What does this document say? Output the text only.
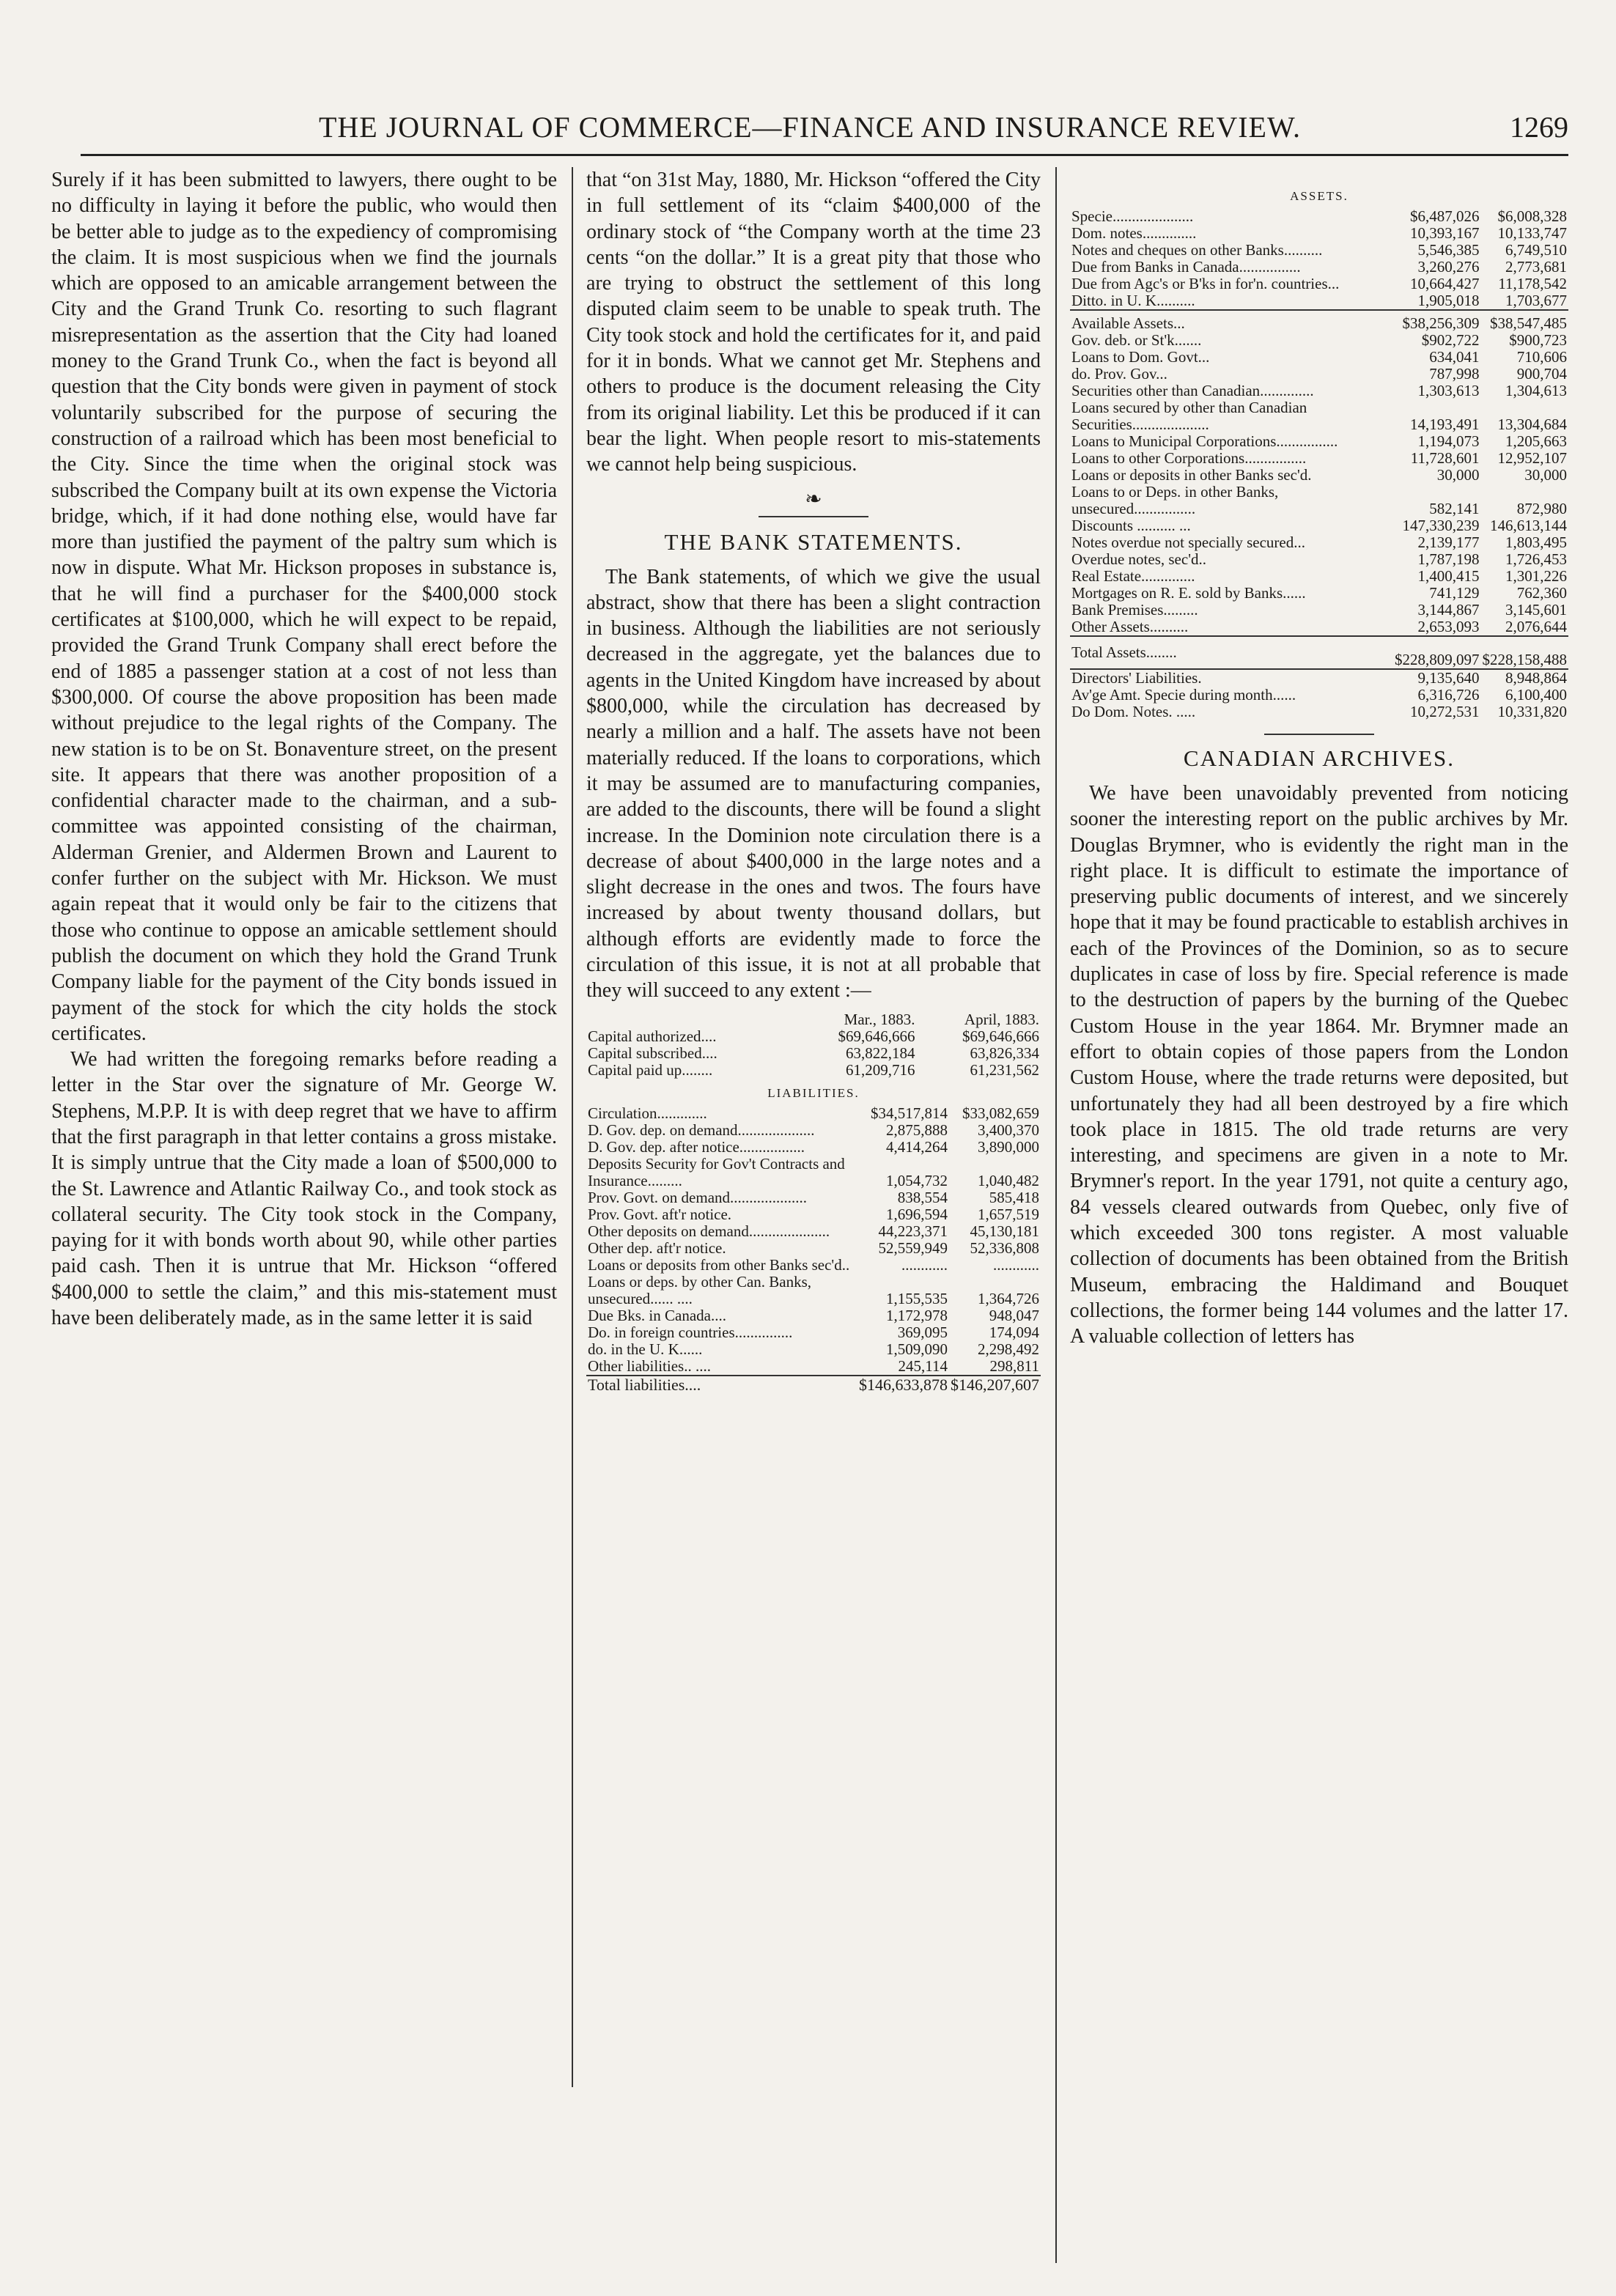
THE JOURNAL OF COMMERCE—FINANCE AND INSURANCE REVIEW.	1269

Surely if it has been submitted to lawyers, there ought to be no difficulty in laying it before the public, who would then be better able to judge as to the expediency of compromising the claim. It is most suspicious when we find the journals which are opposed to an amicable arrangement between the City and the Grand Trunk Co. resorting to such flagrant misrepresentation as the assertion that the City had loaned money to the Grand Trunk Co., when the fact is beyond all question that the City bonds were given in payment of stock voluntarily subscribed for the purpose of securing the construction of a railroad which has been most beneficial to the City. Since the time when the original stock was subscribed the Company built at its own expense the Victoria bridge, which, if it had done nothing else, would have far more than justified the payment of the paltry sum which is now in dispute. What Mr. Hickson proposes in substance is, that he will find a purchaser for the $400,000 stock certificates at $100,000, which he will expect to be repaid, provided the Grand Trunk Company shall erect before the end of 1885 a passenger station at a cost of not less than $300,000. Of course the above proposition has been made without prejudice to the legal rights of the Company. The new station is to be on St. Bonaventure street, on the present site. It appears that there was another proposition of a confidential character made to the chairman, and a sub-committee was appointed consisting of the chairman, Alderman Grenier, and Aldermen Brown and Laurent to confer further on the subject with Mr. Hickson. We must again repeat that it would only be fair to the citizens that those who continue to oppose an amicable settlement should publish the document on which they hold the Grand Trunk Company liable for the payment of the City bonds issued in payment of the stock for which the city holds the stock certificates.

We had written the foregoing remarks before reading a letter in the Star over the signature of Mr. George W. Stephens, M.P.P. It is with deep regret that we have to affirm that the first paragraph in that letter contains a gross mistake. It is simply untrue that the City made a loan of $500,000 to the St. Lawrence and Atlantic Railway Co., and took stock as collateral security. The City took stock in the Company, paying for it with bonds worth about 90, while other parties paid cash. Then it is untrue that Mr. Hickson “offered $400,000 to settle the claim,” and this mis-statement must have been deliberately made, as in the same letter it is said

that “on 31st May, 1880, Mr. Hickson “offered the City in full settlement of its “claim $400,000 of the ordinary stock of “the Company worth at the time 23 cents “on the dollar.” It is a great pity that those who are trying to obstruct the settlement of this long disputed claim seem to be unable to speak truth. The City took stock and hold the certificates for it, and paid for it in bonds. What we cannot get Mr. Stephens and others to produce is the document releasing the City from its original liability. Let this be produced if it can bear the light. When people resort to mis-statements we cannot help being suspicious.

❧
THE BANK STATEMENTS.

The Bank statements, of which we give the usual abstract, show that there has been a slight contraction in business. Although the liabilities are not seriously decreased in the aggregate, yet the balances due to agents in the United Kingdom have increased by about $800,000, while the circulation has decreased by nearly a million and a half. The assets have not been materially reduced. If the loans to corporations, which it may be assumed are to manufacturing companies, are added to the discounts, there will be found a slight increase. In the Dominion note circulation there is a decrease of about $400,000 in the large notes and a slight decrease in the ones and twos. The fours have increased by about twenty thousand dollars, but although efforts are evidently made to force the circulation of this issue, it is not at all probable that they will succeed to any extent :—

	Mar., 1883.	April, 1883.
Capital authorized....	$69,646,666	$69,646,666
Capital subscribed....	63,822,184	63,826,334
Capital paid up........	61,209,716	61,231,562
LIABILITIES.
Circulation.............	$34,517,814	$33,082,659
D. Gov. dep. on demand....................	2,875,888	3,400,370
D. Gov. dep. after notice.................	4,414,264	3,890,000
Deposits Security for Gov't Contracts and Insurance.........	1,054,732	1,040,482
Prov. Govt. on demand....................	838,554	585,418
Prov. Govt. aft'r notice.	1,696,594	1,657,519
Other deposits on demand.....................	44,223,371	45,130,181
Other dep. aft'r notice.	52,559,949	52,336,808
Loans or deposits from other Banks sec'd..	............	............
Loans or deps. by other Can. Banks, unsecured...... ....	1,155,535	1,364,726
Due Bks. in Canada....	1,172,978	948,047
Do. in foreign countries...............	369,095	174,094
do. in the U. K......	1,509,090	2,298,492
Other liabilities.. ....	245,114	298,811
Total liabilities....	$146,633,878	$146,207,607
ASSETS.
Specie.....................	$6,487,026	$6,008,328
Dom. notes..............	10,393,167	10,133,747
Notes and cheques on other Banks..........	5,546,385	6,749,510
Due from Banks in Canada................	3,260,276	2,773,681
Due from Agc's or B'ks in for'n. countries...	10,664,427	11,178,542
Ditto. in U. K..........	1,905,018	1,703,677
Available Assets...	$38,256,309	$38,547,485
Gov. deb. or St'k.......	$902,722	$900,723
Loans to Dom. Govt...	634,041	710,606
do. Prov. Gov...	787,998	900,704
Securities other than Canadian..............	1,303,613	1,304,613
Loans secured by other than Canadian Securities....................	14,193,491	13,304,684
Loans to Municipal Corporations................	1,194,073	1,205,663
Loans to other Corporations................	11,728,601	12,952,107
Loans or deposits in other Banks sec'd.	30,000	30,000
Loans to or Deps. in other Banks, unsecured................	582,141	872,980
Discounts .......... ...	147,330,239	146,613,144
Notes overdue not specially secured...	2,139,177	1,803,495
Overdue notes, sec'd..	1,787,198	1,726,453
Real Estate..............	1,400,415	1,301,226
Mortgages on R. E. sold by Banks......	741,129	762,360
Bank Premises.........	3,144,867	3,145,601
Other Assets..........	2,653,093	2,076,644
Total Assets........	$228,809,097	$228,158,488
Directors' Liabilities.	9,135,640	8,948,864
Av'ge Amt. Specie during month......	6,316,726	6,100,400
Do Dom. Notes. .....	10,272,531	10,331,820
CANADIAN ARCHIVES.

We have been unavoidably prevented from noticing sooner the interesting report on the public archives by Mr. Douglas Brymner, who is evidently the right man in the right place. It is difficult to estimate the importance of preserving public documents of interest, and we sincerely hope that it may be found practicable to establish archives in each of the Provinces of the Dominion, so as to secure duplicates in case of loss by fire. Special reference is made to the destruction of papers by the burning of the Quebec Custom House in the year 1864. Mr. Brymner made an effort to obtain copies of those papers from the London Custom House, where the trade returns were deposited, but unfortunately they had all been destroyed by a fire which took place in 1815. The old trade returns are very interesting, and specimens are given in a note to Mr. Brymner's report. In the year 1791, not quite a century ago, 84 vessels cleared outwards from Quebec, only five of which exceeded 300 tons register. A most valuable collection of documents has been obtained from the British Museum, embracing the Haldimand and Bouquet collections, the former being 144 volumes and the latter 17. A valuable collection of letters has
